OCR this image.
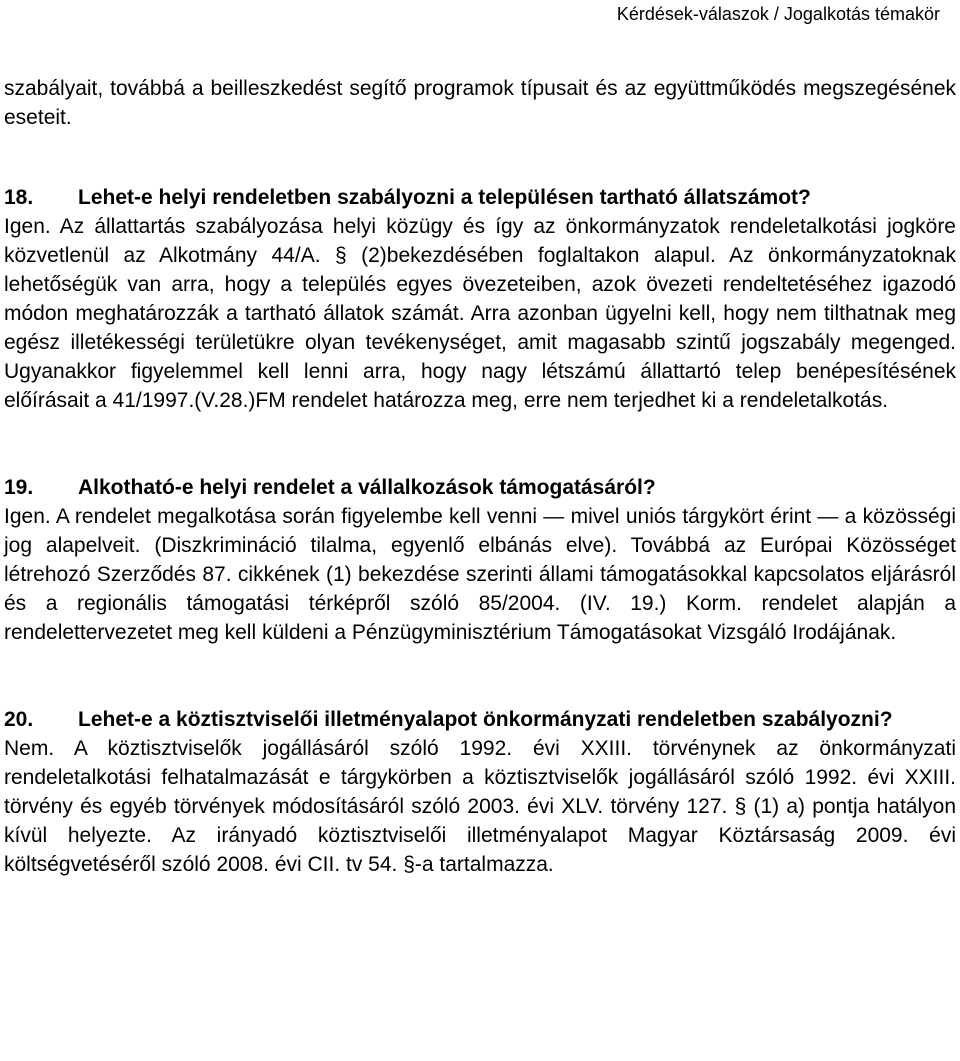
Kérdések-válaszok / Jogalkotás témakör

szabályait, továbbá a beilleszkedést segítő programok típusait és az együttműködés megszegésének eseteit.

18. Lehet-e helyi rendeletben szabályozni a településen tartható állatszámot?

Igen. Az állattartás szabályozása helyi közügy és így az önkormányzatok rendeletalkotási jogköre közvetlenül az Alkotmány 44/A. § (2)bekezdésében foglaltakon alapul. Az önkormányzatoknak lehetőségük van arra, hogy a település egyes övezeteiben, azok övezeti rendeltetéséhez igazodó módon meghatározzák a tartható állatok számát. Arra azonban ügyelni kell, hogy nem tilthatnak meg egész illetékességi területükre olyan tevékenységet, amit magasabb szintű jogszabály megenged. Ugyanakkor figyelemmel kell lenni arra, hogy nagy létszámú állattartó telep benépesítésének előírásait a 41/1997.(V.28.)FM rendelet határozza meg, erre nem terjedhet ki a rendeletalkotás.

19. Alkotható-e helyi rendelet a vállalkozások támogatásáról?

Igen. A rendelet megalkotása során figyelembe kell venni — mivel uniós tárgykört érint — a közösségi jog alapelveit. (Diszkrimináció tilalma, egyenlő elbánás elve). Továbbá az Európai Közösséget létrehozó Szerződés 87. cikkének (1) bekezdése szerinti állami támogatásokkal kapcsolatos eljárásról és a regionális támogatási térképről szóló 85/2004. (IV. 19.) Korm. rendelet alapján a rendelettervezetet meg kell küldeni a Pénzügyminisztérium Támogatásokat Vizsgáló Irodájának.

20. Lehet-e a köztisztviselői illetményalapot önkormányzati rendeletben szabályozni?

Nem. A köztisztviselők jogállásáról szóló 1992. évi XXIII. törvénynek az önkormányzati rendeletalkotási felhatalmazását e tárgykörben a köztisztviselők jogállásáról szóló 1992. évi XXIII. törvény és egyéb törvények módosításáról szóló 2003. évi XLV. törvény 127. § (1) a) pontja hatályon kívül helyezte. Az irányadó köztisztviselői illetményalapot Magyar Köztársaság 2009. évi költségvetéséről szóló 2008. évi CII. tv 54. §-a tartalmazza.
